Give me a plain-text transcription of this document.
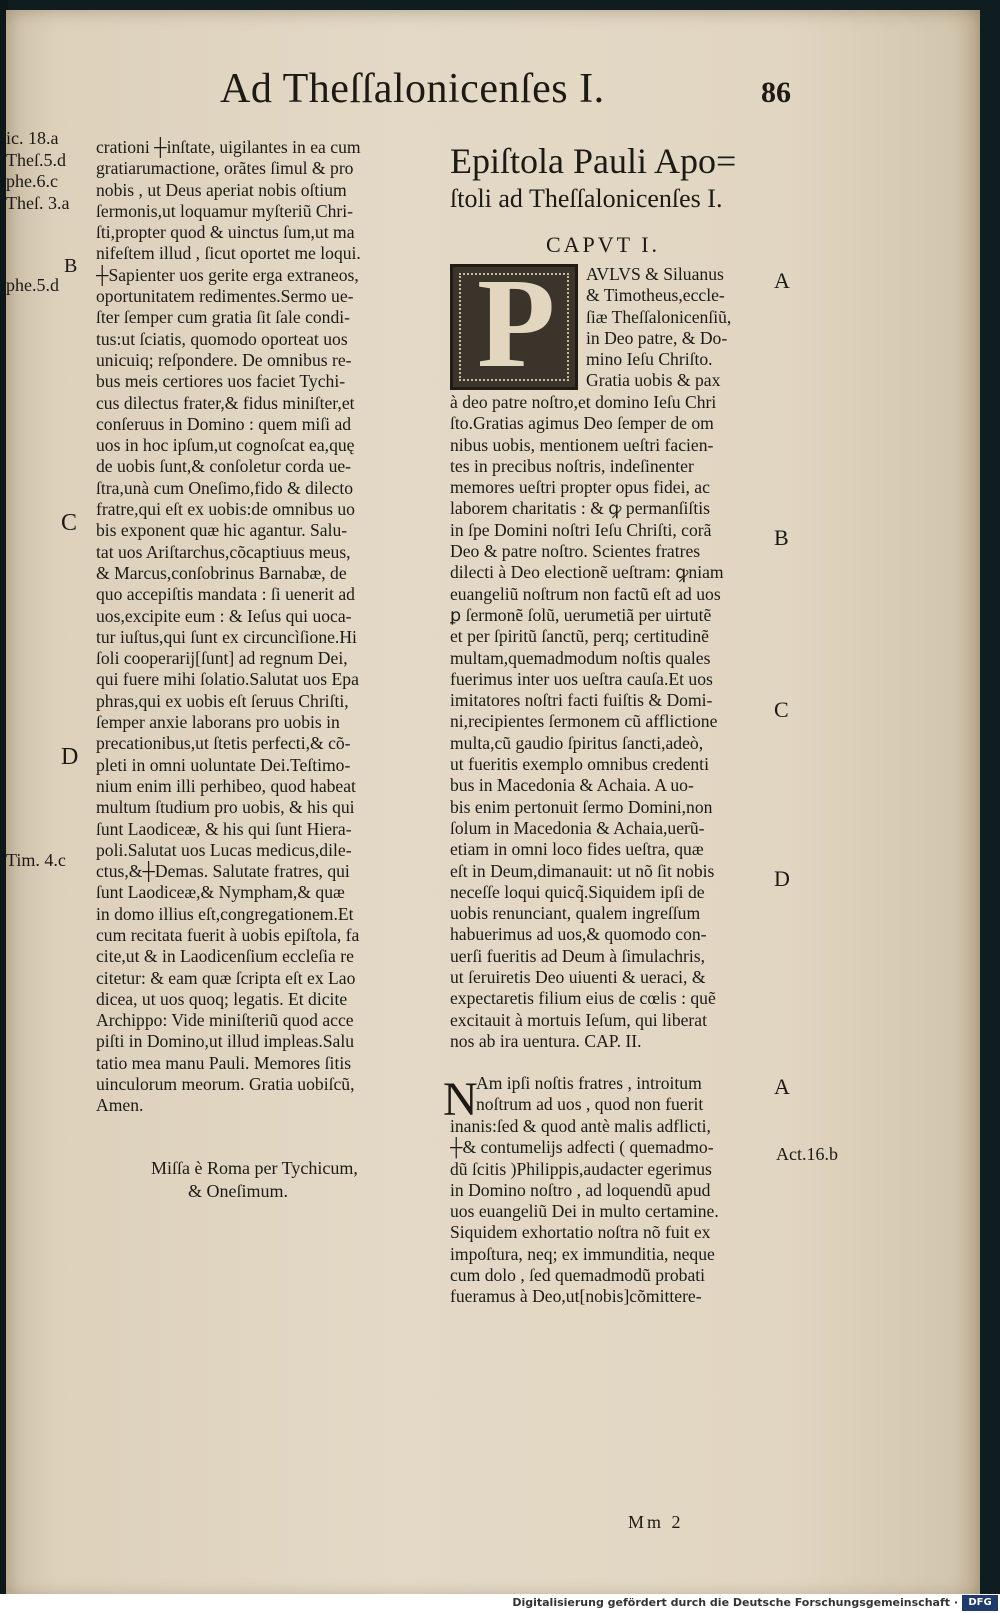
Ad Theſſalonicenſes I.	86
ic. 18.a
Theſ.5.d
phe.6.c
Theſ. 3.a
phe.5.d
Tim. 4.c
B
C
D
crationi ┼inſtate, uigilantes in ea cum
gratiarumactione, orãtes ſimul & pro
nobis , ut Deus aperiat nobis oſtium
ſermonis,ut loquamur myſteriũ Chri-
ſti,propter quod & uinctus ſum,ut ma
nifeſtem illud , ſicut oportet me loqui.
┼Sapienter uos gerite erga extraneos,
oportunitatem redimentes.Sermo ue-
ſter ſemper cum gratia ſit ſale condi-
tus:ut ſciatis, quomodo oporteat uos
unicuiq; reſpondere. De omnibus re-
bus meis certiores uos faciet Tychi-
cus dilectus frater,& fidus miniſter,et
conſeruus in Domino : quem miſi ad
uos in hoc ipſum,ut cognoſcat ea,quę
de uobis ſunt,& conſoletur corda ue-
ſtra,unà cum Oneſimo,fido & dilecto
fratre,qui eſt ex uobis:de omnibus uo
bis exponent quæ hic agantur. Salu-
tat uos Ariſtarchus,cõcaptiuus meus,
& Marcus,conſobrinus Barnabæ, de
quo accepiſtis mandata : ſi uenerit ad
uos,excipite eum : & Ieſus qui uoca-
tur iuſtus,qui ſunt ex circuncìſione.Hi
ſoli cooperarij[ſunt] ad regnum Dei,
qui fuere mihi ſolatio.Salutat uos Epa
phras,qui ex uobis eſt ſeruus Chriſti,
ſemper anxie laborans pro uobis in
precationibus,ut ſtetis perfecti,& cõ-
pleti in omni uoluntate Dei.Teſtimo-
nium enim illi perhibeo, quod habeat
multum ſtudium pro uobis, & his qui
ſunt Laodiceæ, & his qui ſunt Hiera-
poli.Salutat uos Lucas medicus,dile-
ctus,&┼Demas. Salutate fratres, qui
ſunt Laodiceæ,& Nympham,& quæ
in domo illius eſt,congregationem.Et
cum recitata fuerit à uobis epiſtola, fa
cite,ut & in Laodicenſium eccleſia re
citetur: & eam quæ ſcripta eſt ex Lao
dicea, ut uos quoq; legatis. Et dicite
Archippo: Vide miniſteriũ quod acce
piſti in Domino,ut illud impleas.Salu
tatio mea manu Pauli. Memores ſitis
uinculorum meorum. Gratia uobiſcũ,
Amen.
Miſſa è Roma per Tychicum,
& Oneſimum.
Epiſtola Pauli Apo=
ſtoli ad Theſſalonicenſes I.
CAPVT I.
P AVLVS & Siluanus
& Timotheus,eccle-
ſiæ Theſſalonicenſiũ,
in Deo patre, & Do-
mino Ieſu Chriſto.
Gratia uobis & pax
à deo patre noſtro,et domino Ieſu Chri
ſto.Gratias agimus Deo ſemper de om
nibus uobis, mentionem ueſtri facien-
tes in precibus noſtris, indeſinenter
memores ueſtri propter opus fidei, ac
laborem charitatis : & ꝙ permanſiſtis
in ſpe Domini noſtri Ieſu Chriſti, corã
Deo & patre noſtro. Scientes fratres
dilecti à Deo electionẽ ueſtram: ꝙniam
euangeliũ noſtrum non factũ eſt ad uos
ꝑ ſermonẽ ſolũ, uerumetiã per uirtutẽ
et per ſpiritũ ſanctũ, perq; certitudinẽ
multam,quemadmodum noſtis quales
fuerimus inter uos ueſtra cauſa.Et uos
imitatores noſtri facti fuiſtis & Domi-
ni,recipientes ſermonem cũ afflictione
multa,cũ gaudio ſpiritus ſancti,adeò,
ut fueritis exemplo omnibus credenti
bus in Macedonia & Achaia. A uo-
bis enim pertonuit ſermo Domini,non
ſolum in Macedonia & Achaia,uerũ-
etiam in omni loco fides ueſtra, quæ
eſt in Deum,dimanauit: ut nõ ſit nobis
neceſſe loqui quicq̃.Siquidem ipſi de
uobis renunciant, qualem ingreſſum
habuerimus ad uos,& quomodo con-
uerſi fueritis ad Deum à ſimulachris,
ut ſeruiretis Deo uiuenti & ueraci, &
expectaretis filium eius de cœlis : quẽ
excitauit à mortuis Ieſum, qui liberat
nos ab ira uentura. CAP. II.
N
Am ipſi noſtis fratres , introitum
noſtrum ad uos , quod non fuerit
inanis:ſed & quod antè malis adflicti,
┼& contumelijs adfecti ( quemadmo-
dũ ſcitis )Philippis,audacter egerimus
in Domino noſtro , ad loquendũ apud
uos euangeliũ Dei in multo certamine.
Siquidem exhortatio noſtra nõ fuit ex
impoſtura, neq; ex immunditia, neque
cum dolo , ſed quemadmodũ probati
fueramus à Deo,ut[nobis]cõmittere-
A
B
C
D
A
Act.16.b
Mm 2
Digitalisierung gefördert durch die Deutsche Forschungsgemeinschaft ·	DFG
